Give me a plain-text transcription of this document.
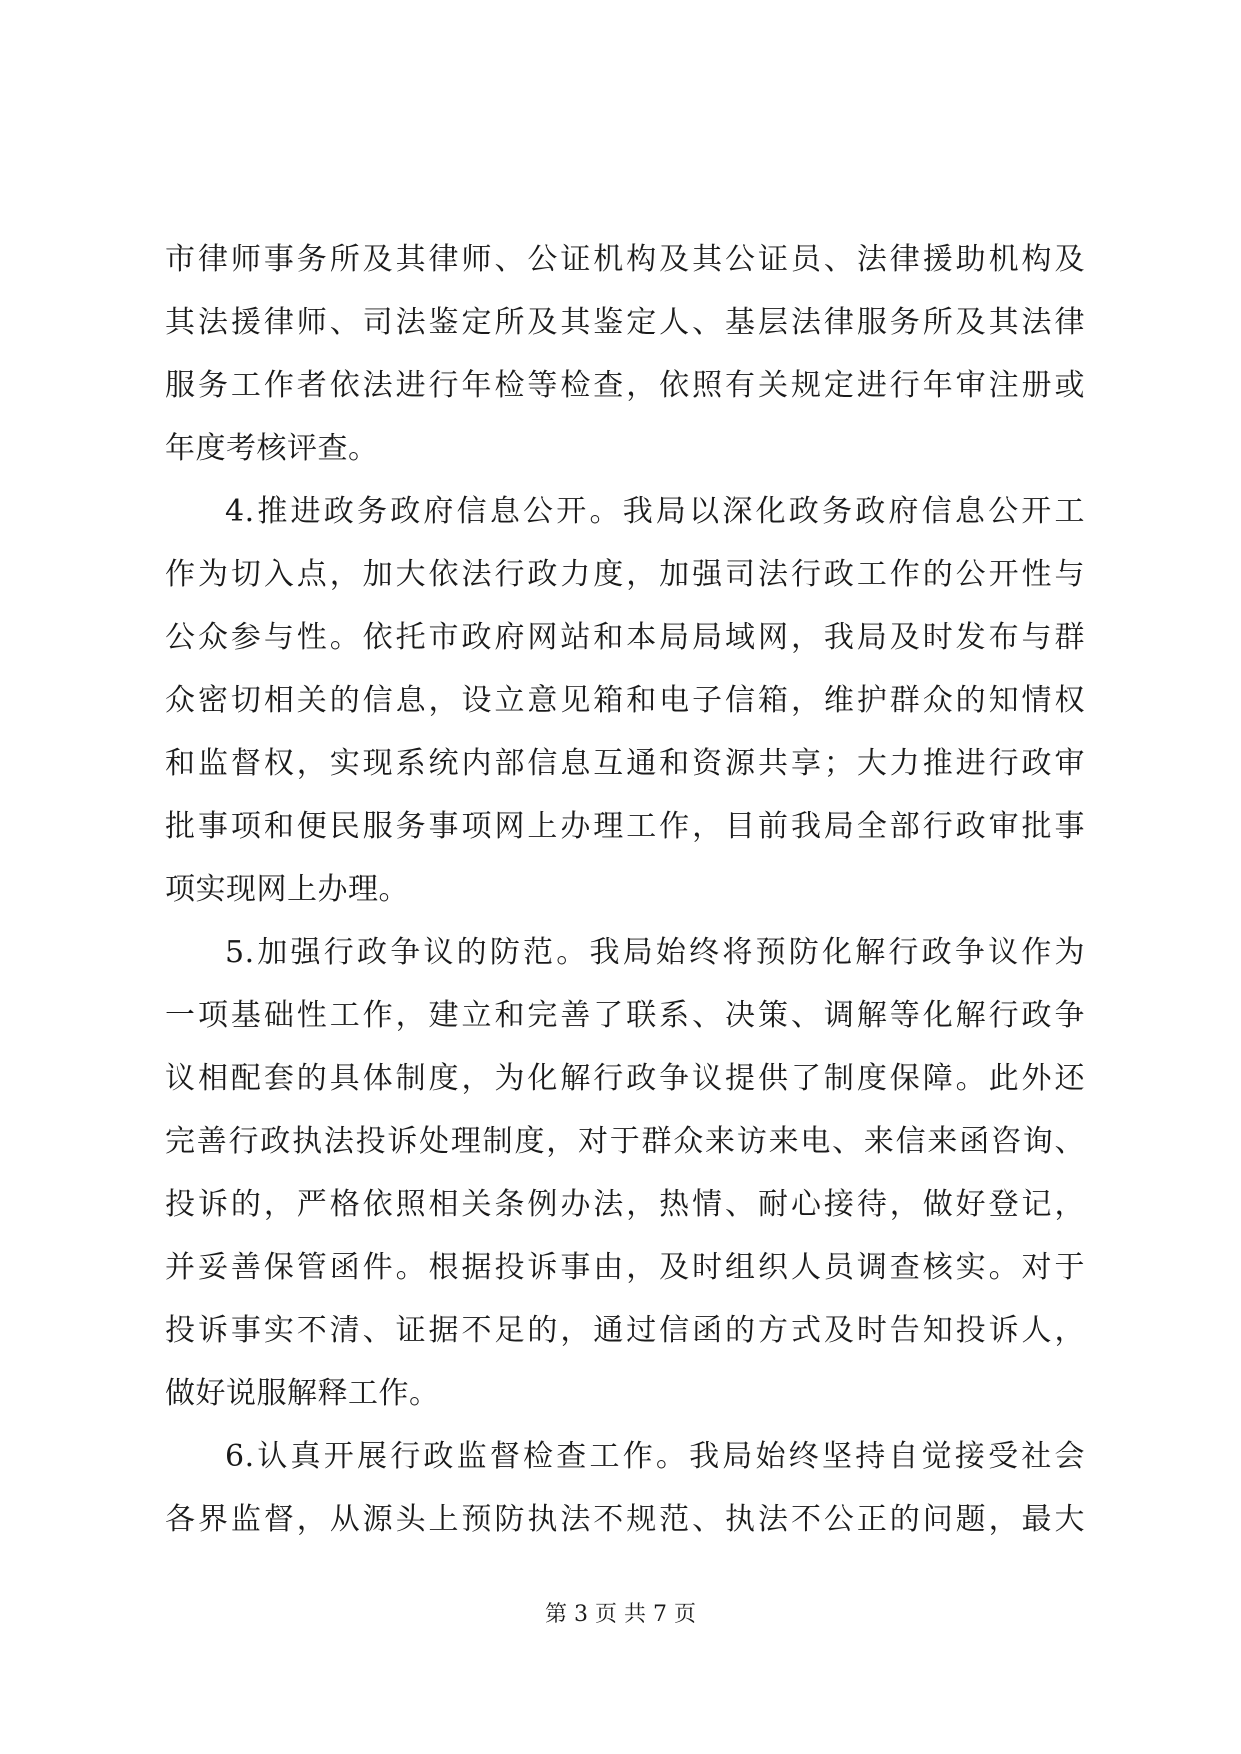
市律师事务所及其律师、公证机构及其公证员、法律援助机构及
其法援律师、司法鉴定所及其鉴定人、基层法律服务所及其法律
服务工作者依法进行年检等检查，依照有关规定进行年审注册或
年度考核评查。
4.推进政务政府信息公开。我局以深化政务政府信息公开工
作为切入点，加大依法行政力度，加强司法行政工作的公开性与
公众参与性。依托市政府网站和本局局域网，我局及时发布与群
众密切相关的信息，设立意见箱和电子信箱，维护群众的知情权
和监督权，实现系统内部信息互通和资源共享；大力推进行政审
批事项和便民服务事项网上办理工作，目前我局全部行政审批事
项实现网上办理。
5.加强行政争议的防范。我局始终将预防化解行政争议作为
一项基础性工作，建立和完善了联系、决策、调解等化解行政争
议相配套的具体制度，为化解行政争议提供了制度保障。此外还
完善行政执法投诉处理制度，对于群众来访来电、来信来函咨询、
投诉的，严格依照相关条例办法，热情、耐心接待，做好登记，
并妥善保管函件。根据投诉事由，及时组织人员调查核实。对于
投诉事实不清、证据不足的，通过信函的方式及时告知投诉人，
做好说服解释工作。
6.认真开展行政监督检查工作。我局始终坚持自觉接受社会
各界监督，从源头上预防执法不规范、执法不公正的问题，最大
第 3 页 共 7 页
